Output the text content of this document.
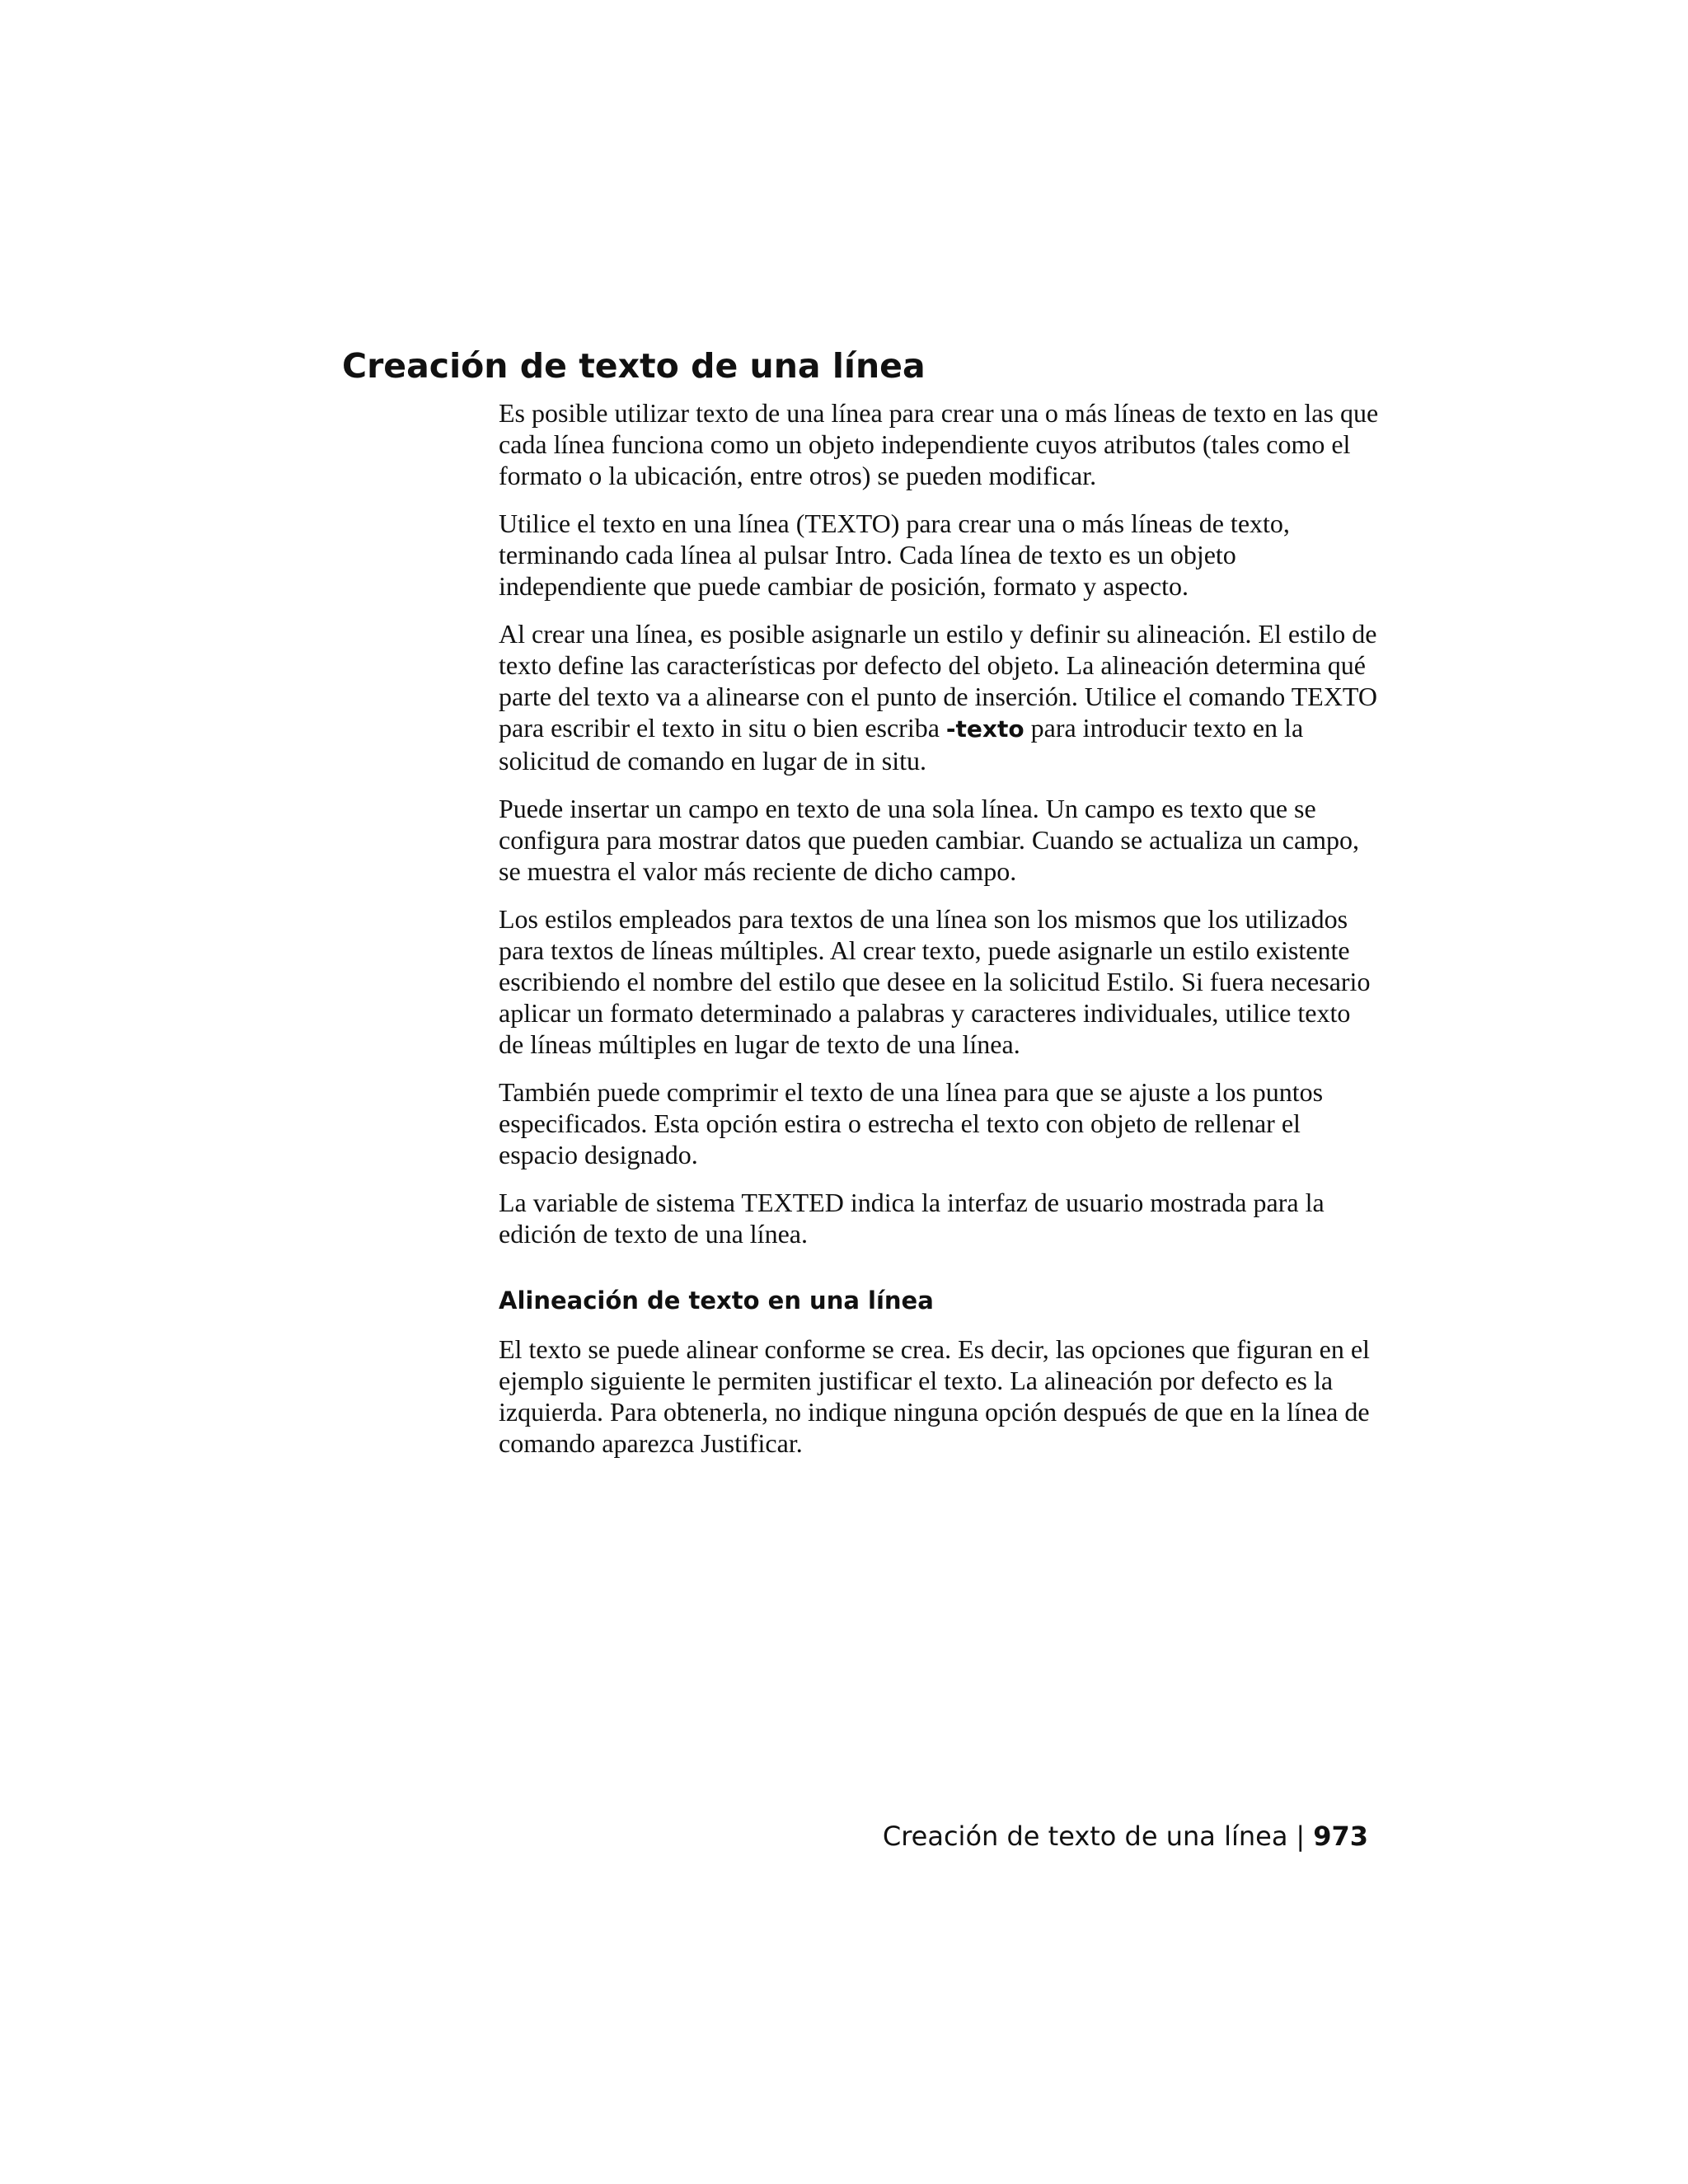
Creación de texto de una línea

Es posible utilizar texto de una línea para crear una o más líneas de texto en las que cada línea funciona como un objeto independiente cuyos atributos (tales como el formato o la ubicación, entre otros) se pueden modificar.

Utilice el texto en una línea (TEXTO) para crear una o más líneas de texto, terminando cada línea al pulsar Intro. Cada línea de texto es un objeto independiente que puede cambiar de posición, formato y aspecto.

Al crear una línea, es posible asignarle un estilo y definir su alineación. El estilo de texto define las características por defecto del objeto. La alineación determina qué parte del texto va a alinearse con el punto de inserción. Utilice el comando TEXTO para escribir el texto in situ o bien escriba -texto para introducir texto en la solicitud de comando en lugar de in situ.

Puede insertar un campo en texto de una sola línea. Un campo es texto que se configura para mostrar datos que pueden cambiar. Cuando se actualiza un campo, se muestra el valor más reciente de dicho campo.

Los estilos empleados para textos de una línea son los mismos que los utilizados para textos de líneas múltiples. Al crear texto, puede asignarle un estilo existente escribiendo el nombre del estilo que desee en la solicitud Estilo. Si fuera necesario aplicar un formato determinado a palabras y caracteres individuales, utilice texto de líneas múltiples en lugar de texto de una línea.

También puede comprimir el texto de una línea para que se ajuste a los puntos especificados. Esta opción estira o estrecha el texto con objeto de rellenar el espacio designado.

La variable de sistema TEXTED indica la interfaz de usuario mostrada para la edición de texto de una línea.

Alineación de texto en una línea

El texto se puede alinear conforme se crea. Es decir, las opciones que figuran en el ejemplo siguiente le permiten justificar el texto. La alineación por defecto es la izquierda. Para obtenerla, no indique ninguna opción después de que en la línea de comando aparezca Justificar.

Creación de texto de una línea | 973
